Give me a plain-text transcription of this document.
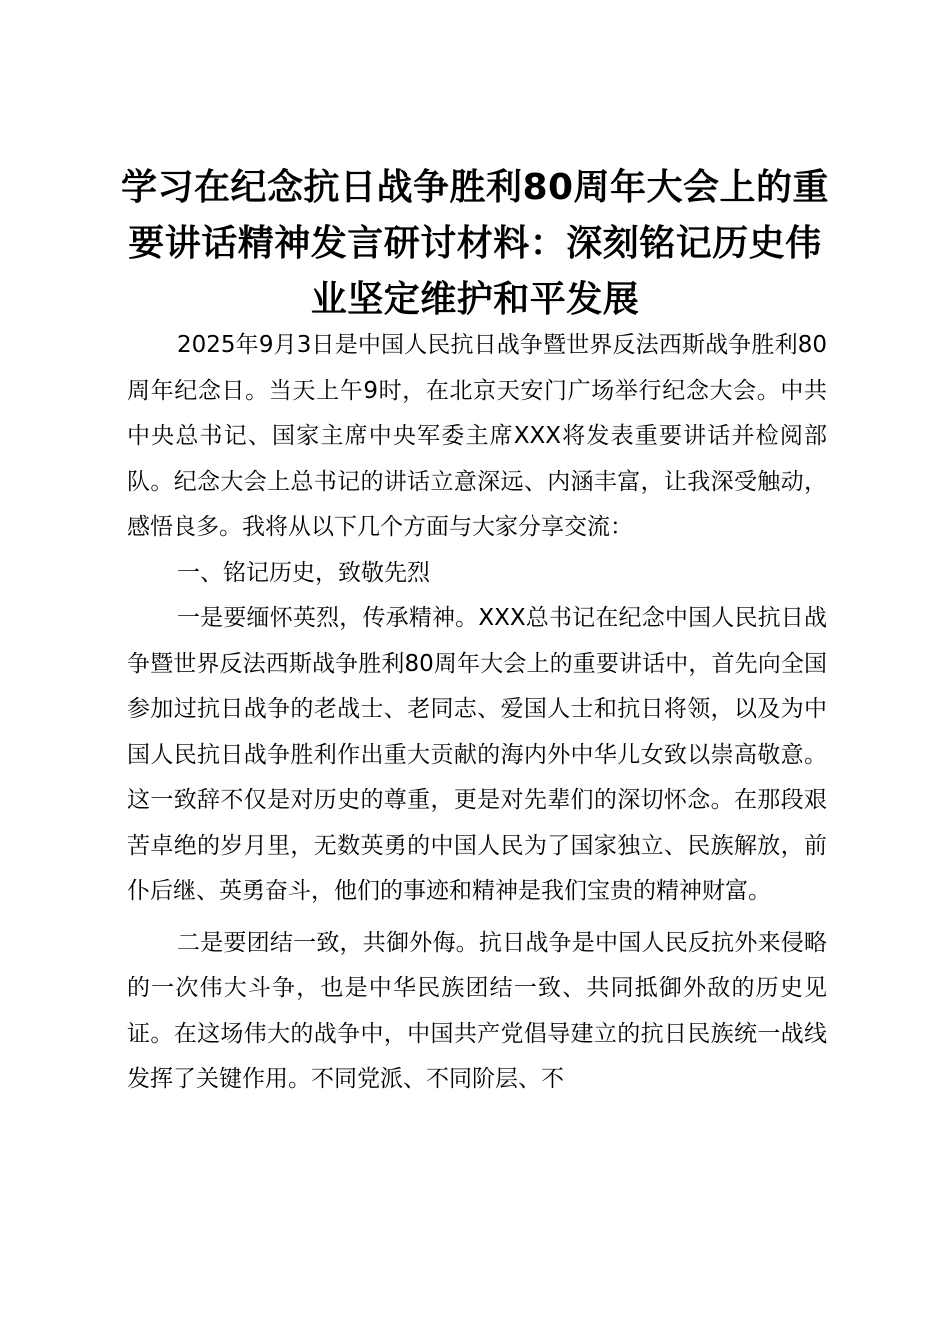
学习在纪念抗日战争胜利80周年大会上的重要讲话精神发言研讨材料：深刻铭记历史伟业坚定维护和平发展

2025年9月3日是中国人民抗日战争暨世界反法西斯战争胜利80周年纪念日。当天上午9时，在北京天安门广场举行纪念大会。中共中央总书记、国家主席中央军委主席XXX将发表重要讲话并检阅部队。纪念大会上总书记的讲话立意深远、内涵丰富，让我深受触动，感悟良多。我将从以下几个方面与大家分享交流：

一、铭记历史，致敬先烈

一是要缅怀英烈，传承精神。XXX总书记在纪念中国人民抗日战争暨世界反法西斯战争胜利80周年大会上的重要讲话中，首先向全国参加过抗日战争的老战士、老同志、爱国人士和抗日将领，以及为中国人民抗日战争胜利作出重大贡献的海内外中华儿女致以崇高敬意。这一致辞不仅是对历史的尊重，更是对先辈们的深切怀念。在那段艰苦卓绝的岁月里，无数英勇的中国人民为了国家独立、民族解放，前仆后继、英勇奋斗，他们的事迹和精神是我们宝贵的精神财富。

二是要团结一致，共御外侮。抗日战争是中国人民反抗外来侵略的一次伟大斗争，也是中华民族团结一致、共同抵御外敌的历史见证。在这场伟大的战争中，中国共产党倡导建立的抗日民族统一战线发挥了关键作用。不同党派、不同阶层、不
